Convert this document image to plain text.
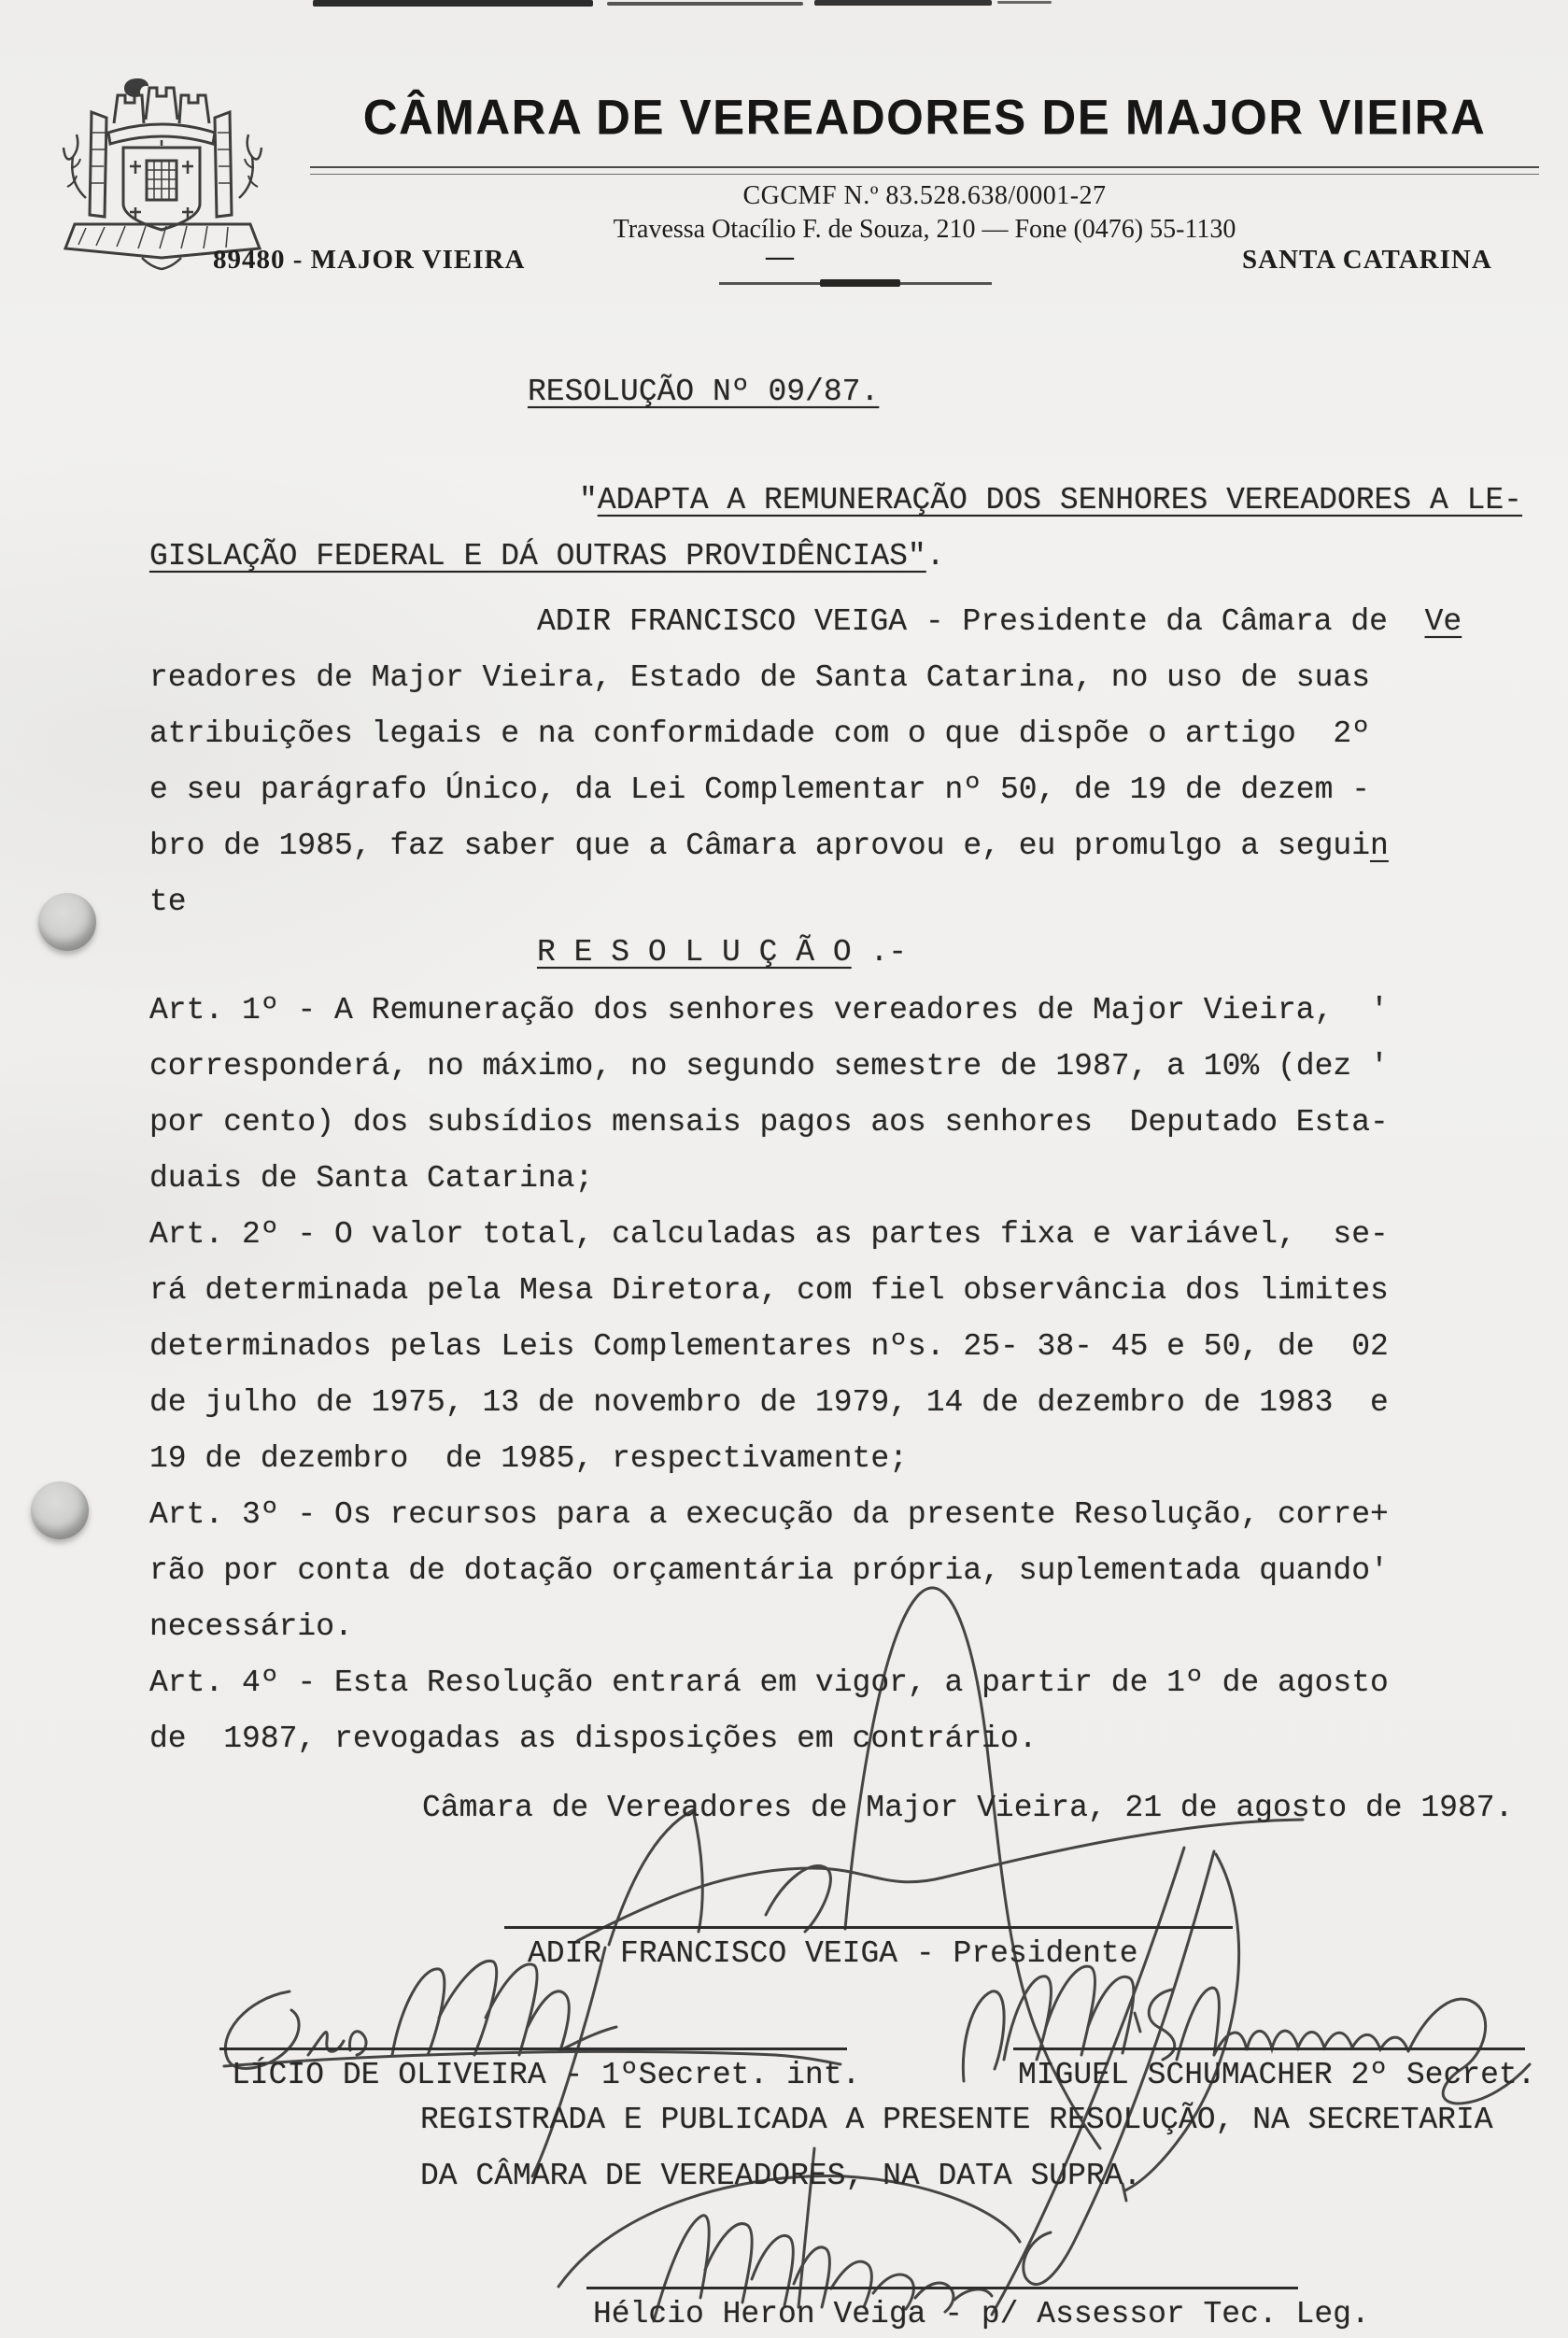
CÂMARA DE VEREADORES DE MAJOR VIEIRA
CGCMF N.º 83.528.638/0001-27
Travessa Otacílio F. de Souza, 210 — Fone (0476) 55-1130
89480 - MAJOR VIEIRA	—	SANTA CATARINA
RESOLUÇÃO Nº 09/87.
"ADAPTA A REMUNERAÇÃO DOS SENHORES VEREADORES A LE-
GISLAÇÃO FEDERAL E DÁ OUTRAS PROVIDÊNCIAS".
ADIR FRANCISCO VEIGA - Presidente da Câmara de  Ve
readores de Major Vieira, Estado de Santa Catarina, no uso de suas
atribuições legais e na conformidade com o que dispõe o artigo  2º
e seu parágrafo Único, da Lei Complementar nº 50, de 19 de dezem -
bro de 1985, faz saber que a Câmara aprovou e, eu promulgo a seguin
te
R E S O L U Ç Ã O .-
Art. 1º - A Remuneração dos senhores vereadores de Major Vieira,  '
corresponderá, no máximo, no segundo semestre de 1987, a 10% (dez '
por cento) dos subsídios mensais pagos aos senhores  Deputado Esta-
duais de Santa Catarina;
Art. 2º - O valor total, calculadas as partes fixa e variável,  se-
rá determinada pela Mesa Diretora, com fiel observância dos limites
determinados pelas Leis Complementares nºs. 25- 38- 45 e 50, de  02
de julho de 1975, 13 de novembro de 1979, 14 de dezembro de 1983  e
19 de dezembro  de 1985, respectivamente;
Art. 3º - Os recursos para a execução da presente Resolução, corre+
rão por conta de dotação orçamentária própria, suplementada quando'
necessário.
Art. 4º - Esta Resolução entrará em vigor, a partir de 1º de agosto
de  1987, revogadas as disposições em contrário.
Câmara de Vereadores de Major Vieira, 21 de agosto de 1987.
ADIR FRANCISCO VEIGA - Presidente
LÍCIO DE OLIVEIRA - 1ºSecret. int.	MIGUEL SCHUMACHER 2º Secret.
REGISTRADA E PUBLICADA A PRESENTE RESOLUÇÃO, NA SECRETARIA
DA CÂMARA DE VEREADORES, NA DATA SUPRA.
Hélcio Heron Veiga - p/ Assessor Tec. Leg.
